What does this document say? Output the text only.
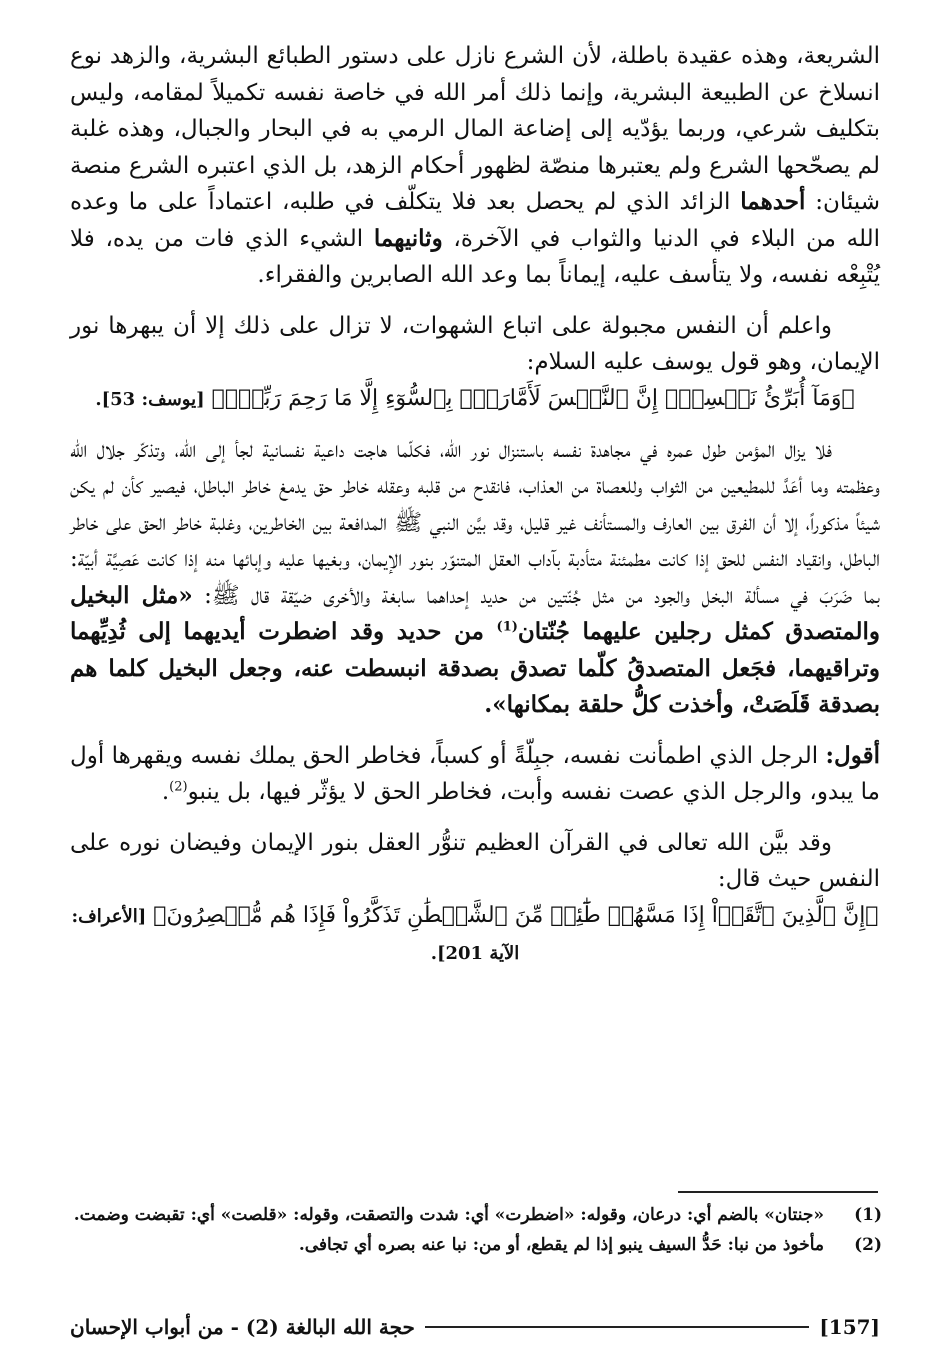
الشريعة، وهذه عقيدة باطلة، لأن الشرع نازل على دستور الطبائع البشرية، والزهد نوع انسلاخ عن الطبيعة البشرية، وإنما ذلك أمر الله في خاصة نفسه تكميلاً لمقامه، وليس بتكليف شرعي، وربما يؤدّيه إلى إضاعة المال الرمي به في البحار والجبال، وهذه غلبة لم يصحّحها الشرع ولم يعتبرها منصّة لظهور أحكام الزهد، بل الذي اعتبره الشرع منصة شيئان: أحدهما الزائد الذي لم يحصل بعد فلا يتكلّف في طلبه، اعتماداً على ما وعده الله من البلاء في الدنيا والثواب في الآخرة، وثانيهما الشيء الذي فات من يده، فلا يُتْبِعْه نفسه، ولا يتأسف عليه، إيماناً بما وعد الله الصابرين والفقراء.

واعلم أن النفس مجبولة على اتباع الشهوات، لا تزال على ذلك إلا أن يبهرها نور الإيمان، وهو قول يوسف عليه السلام:

﴿وَمَآ أُبَرِّئُ نَفۡسِيٓۚ إِنَّ ٱلنَّفۡسَ لَأَمَّارَةُۢ بِٱلسُّوٓءِ إِلَّا مَا رَحِمَ رَبِّيٓۚ﴾ [يوسف: 53].

فلا يزال المؤمن طول عمره في مجاهدة نفسه باستنزال نور الله، فكلّما هاجت داعية نفسانية لجأ إلى الله، وتذكّر جلال الله وعظمته وما أعَدَّ للمطيعين من الثواب وللعصاة من العذاب، فانقدح من قلبه وعقله خاطر حق يدمغ خاطر الباطل، فيصير كأن لم يكن شيئاً مذكوراً، إلا أن الفرق بين العارف والمستأنف غير قليل، وقد بيَّن النبي ﷺ المدافعة بين الخاطرين، وغلبة خاطر الحق على خاطر الباطل، وانقياد النفس للحق إذا كانت مطمئنة متأدبة بآداب العقل المتنوّر بنور الإيمان، وبغيها عليه وإبائها منه إذا كانت عَصِيَّة أبيّة: بما ضَرَبَ في مسألة البخل والجود من مثل جُنّتين من حديد إحداهما سابغة والأخرى ضيّقة قال ﷺ: «مثل البخيل والمتصدق كمثل رجلين عليهما جُنّتان$^{(1)}$ من حديد وقد اضطرت أيديهما إلى ثُدِيِّهما وتراقيهما، فجَعل المتصدقُ كلّما تصدق بصدقة انبسطت عنه، وجعل البخيل كلما هم بصدقة قَلَصَتْ، وأخذت كلُّ حلقة بمكانها».

أقول: الرجل الذي اطمأنت نفسه، جبِلّةً أو كسباً، فخاطر الحق يملك نفسه ويقهرها أول ما يبدو، والرجل الذي عصت نفسه وأبت، فخاطر الحق لا يؤثّر فيها، بل ينبو$^{(2)}$.

وقد بيَّن الله تعالى في القرآن العظيم تنوُّر العقل بنور الإيمان وفيضان نوره على النفس حيث قال:

﴿إِنَّ ٱلَّذِينَ ٱتَّقَوۡاْ إِذَا مَسَّهُمۡ طَٰٓئِفٞ مِّنَ ٱلشَّيۡطَٰنِ تَذَكَّرُواْ فَإِذَا هُم مُّبۡصِرُونَ﴾ [الأعراف: الآية 201].

(1)
«جنتان» بالضم أي: درعان، وقوله: «اضطرت» أي: شدت والتصقت، وقوله: «قلصت» أي: تقبضت وضمت.
(2)
مأخوذ من نبا: حَدُّ السيف ينبو إذا لم يقطع، أو من: نبا عنه بصره أي تجافى.
[157]
حجة الله البالغة (2) - من أبواب الإحسان
